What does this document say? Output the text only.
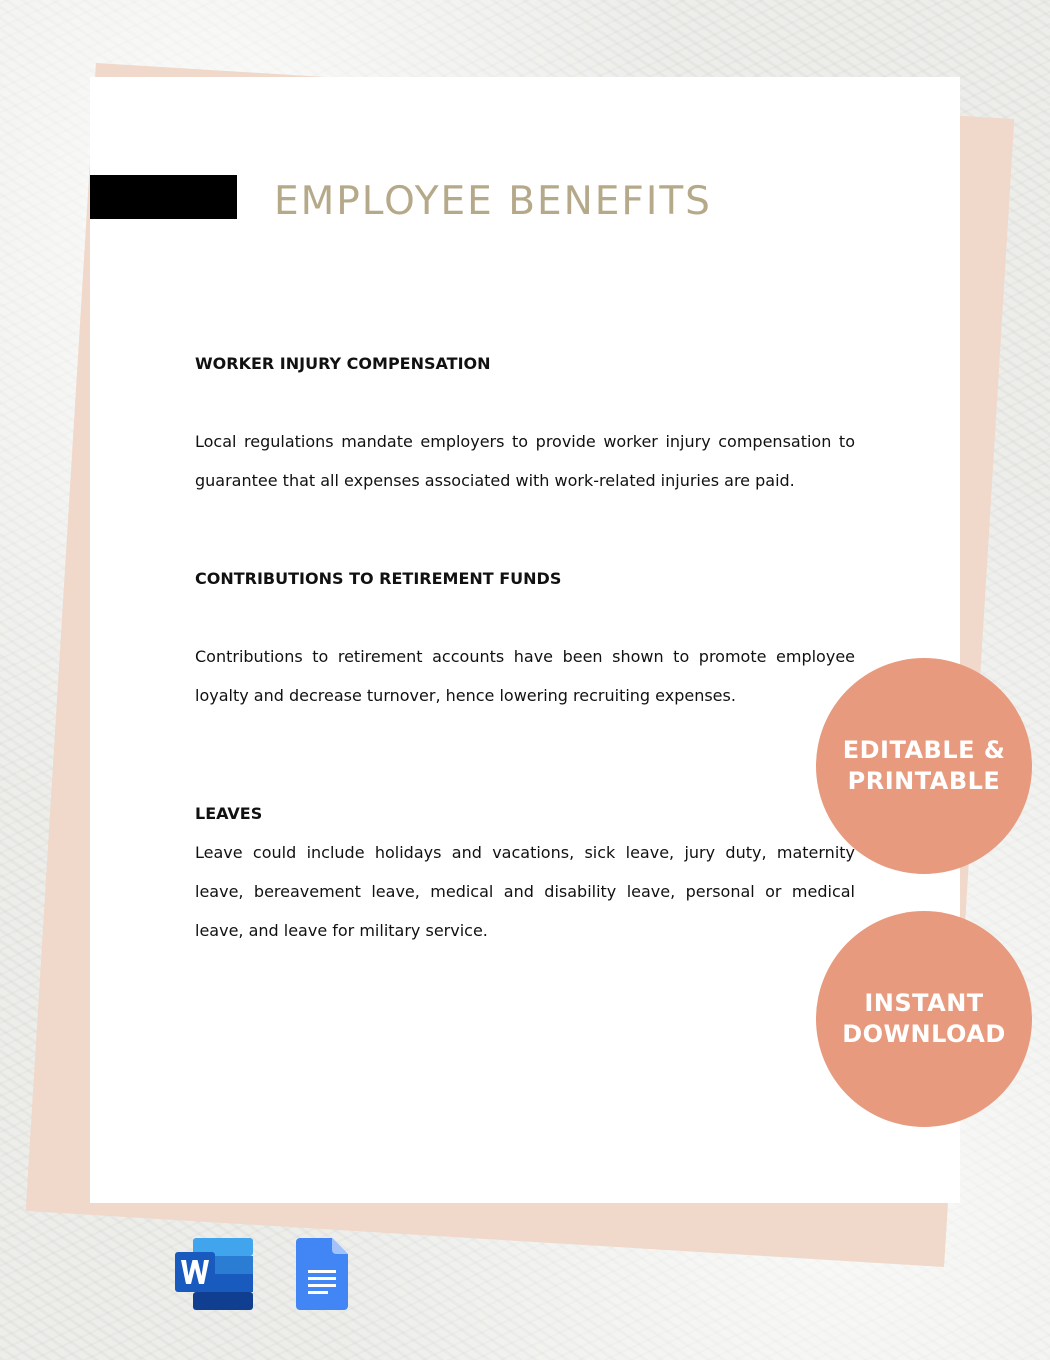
EMPLOYEE BENEFITS
WORKER INJURY COMPENSATION
Local regulations mandate employers to provide worker injury compensation to guarantee that all expenses associated with work-related injuries are paid.
CONTRIBUTIONS TO RETIREMENT FUNDS
Contributions to retirement accounts have been shown to promote employee loyalty and decrease turnover, hence lowering recruiting expenses.
LEAVES
Leave could include holidays and vacations, sick leave, jury duty, maternity leave, bereavement leave, medical and disability leave, personal or medical leave, and leave for military service.
EDITABLE &
PRINTABLE
INSTANT
DOWNLOAD
